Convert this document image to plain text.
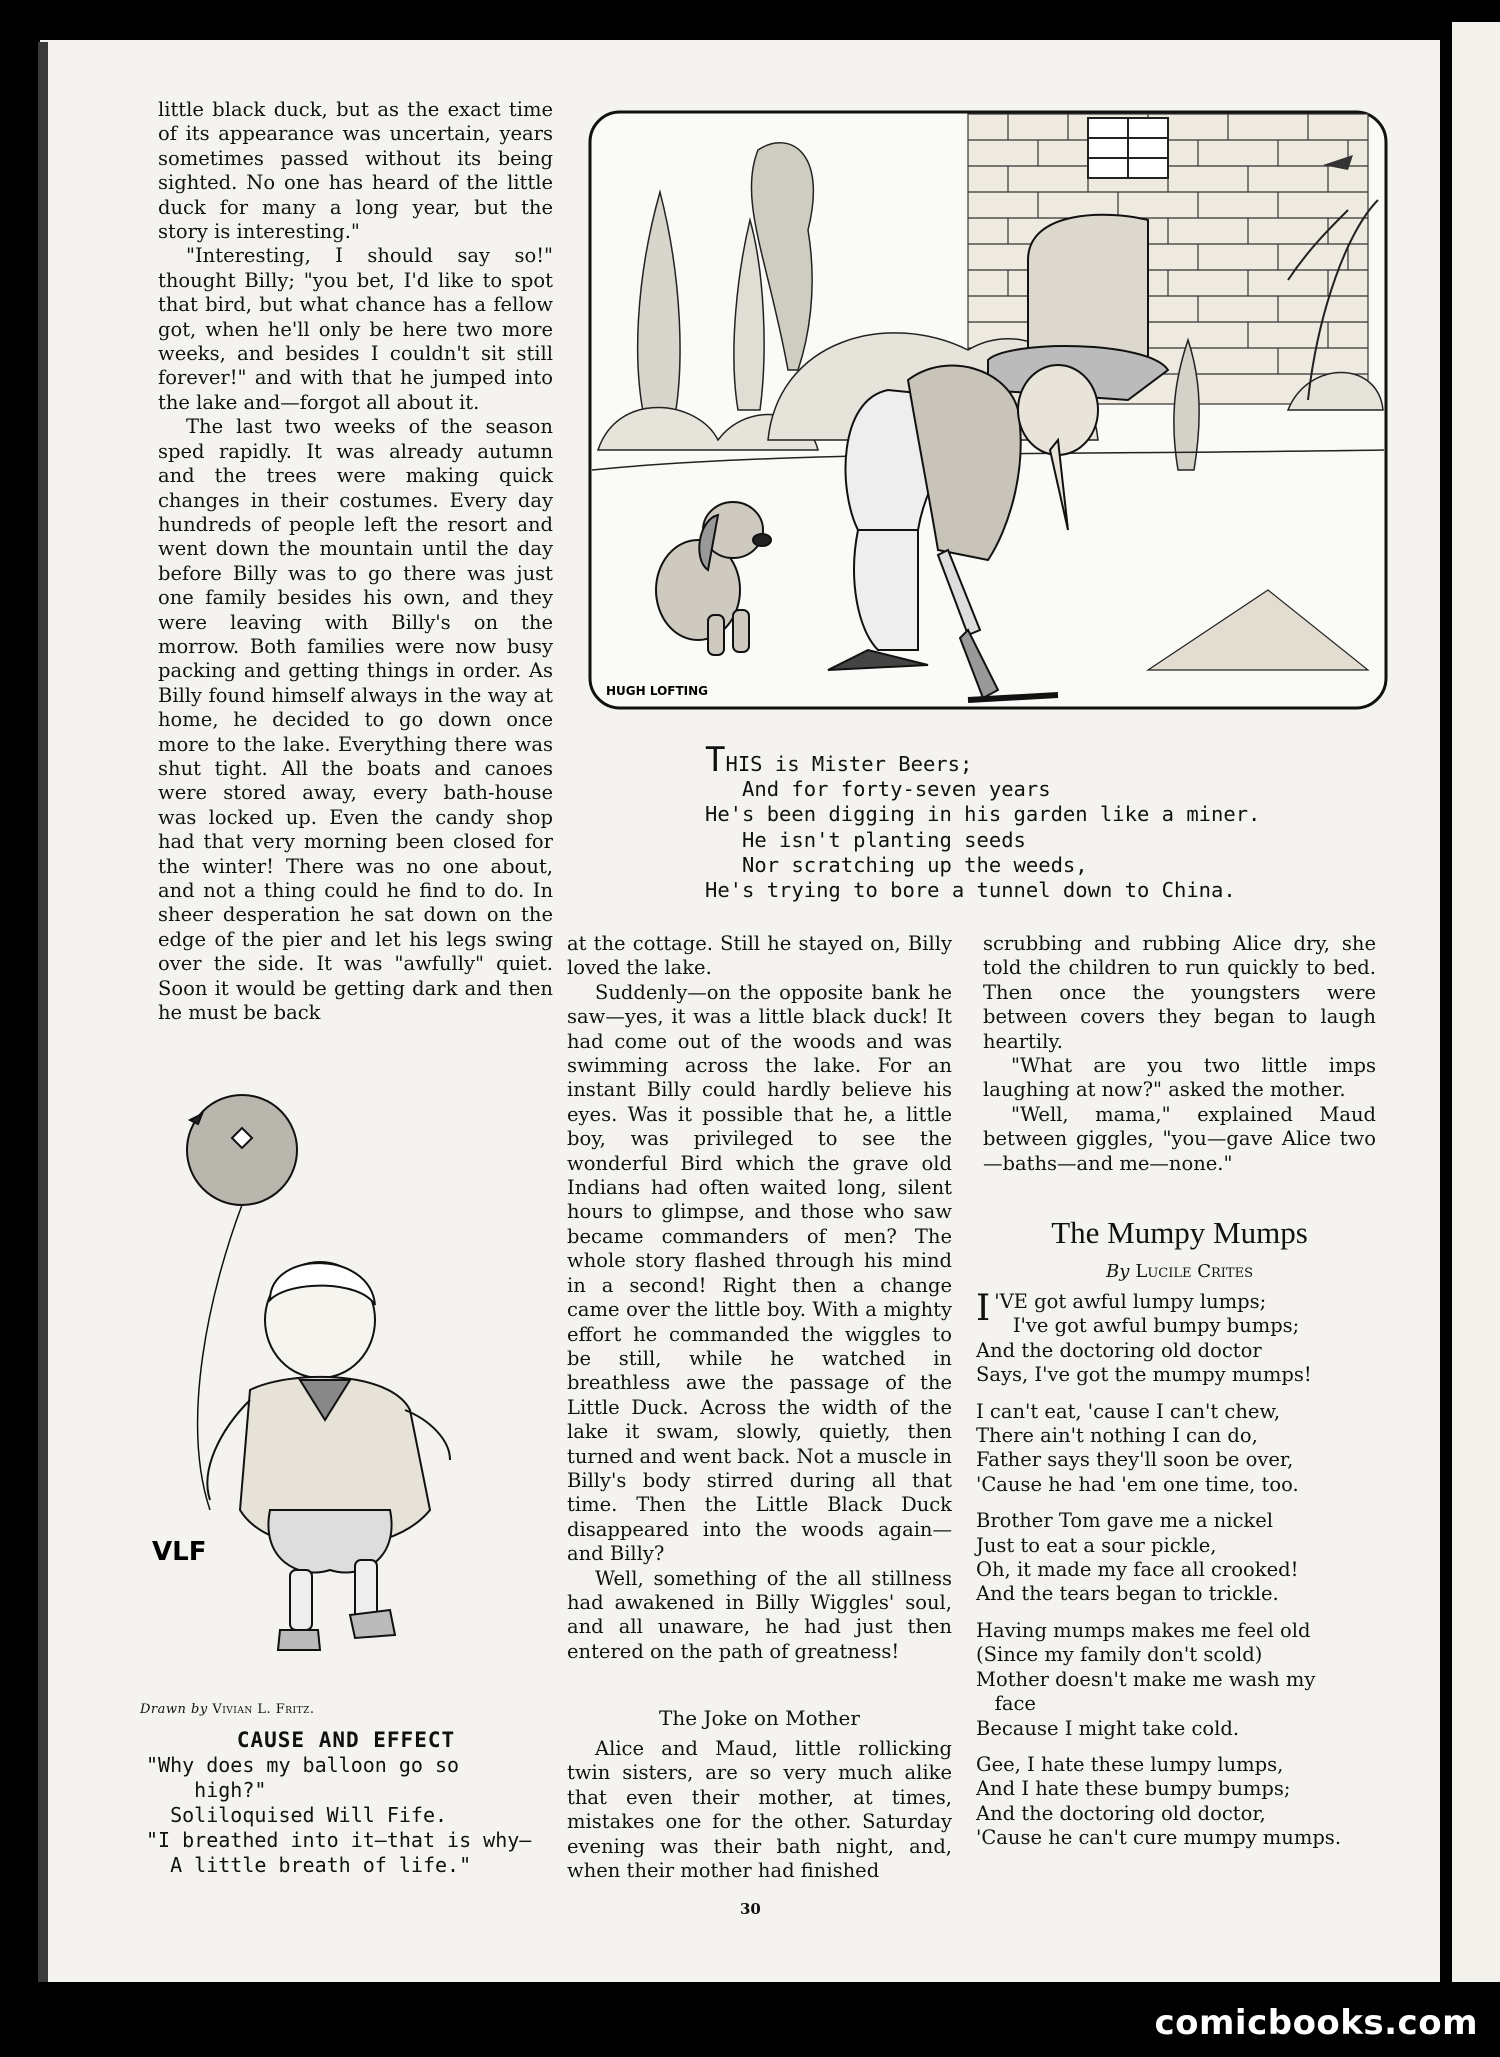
little black duck, but as the exact time of its appearance was uncertain, years sometimes passed without its being sighted. No one has heard of the little duck for many a long year, but the story is interesting."

"Interesting, I should say so!" thought Billy; "you bet, I'd like to spot that bird, but what chance has a fellow got, when he'll only be here two more weeks, and besides I couldn't sit still forever!" and with that he jumped into the lake and—forgot all about it.

The last two weeks of the season sped rapidly. It was already autumn and the trees were making quick changes in their costumes. Every day hundreds of people left the resort and went down the mountain until the day before Billy was to go there was just one family besides his own, and they were leaving with Billy's on the morrow. Both families were now busy packing and getting things in order. As Billy found himself always in the way at home, he decided to go down once more to the lake. Everything there was shut tight. All the boats and canoes were stored away, every bath-house was locked up. Even the candy shop had that very morning been closed for the winter! There was no one about, and not a thing could he find to do. In sheer desperation he sat down on the edge of the pier and let his legs swing over the side. It was "awfully" quiet. Soon it would be getting dark and then he must be back

HUGH LOFTING
THIS is Mister Beers;
And for forty-seven years
He's been digging in his garden like a miner.
He isn't planting seeds
Nor scratching up the weeds,
He's trying to bore a tunnel down to China.

at the cottage. Still he stayed on, Billy loved the lake.

Suddenly—on the opposite bank he saw—yes, it was a little black duck! It had come out of the woods and was swimming across the lake. For an instant Billy could hardly believe his eyes. Was it possible that he, a little boy, was privileged to see the wonderful Bird which the grave old Indians had often waited long, silent hours to glimpse, and those who saw became commanders of men? The whole story flashed through his mind in a second! Right then a change came over the little boy. With a mighty effort he commanded the wiggles to be still, while he watched in breathless awe the passage of the Little Duck. Across the width of the lake it swam, slowly, quietly, then turned and went back. Not a muscle in Billy's body stirred during all that time. Then the Little Black Duck disappeared into the woods again—and Billy?

Well, something of the all stillness had awakened in Billy Wiggles' soul, and all unaware, he had just then entered on the path of greatness!

scrubbing and rubbing Alice dry, she told the children to run quickly to bed. Then once the youngsters were between covers they began to laugh heartily.

"What are you two little imps laughing at now?" asked the mother.

"Well, mama," explained Maud between giggles, "you—gave Alice two —baths—and me—none."

VLF
Drawn by Vivian L. Fritz.
CAUSE AND EFFECT
"Why does my balloon go so
high?"
Soliloquised Will Fife.
"I breathed into it—that is why—
A little breath of life."
The Joke on Mother

Alice and Maud, little rollicking twin sisters, are so very much alike that even their mother, at times, mistakes one for the other. Saturday evening was their bath night, and, when their mother had finished

The Mumpy Mumps
By Lucile Crites
I 'VE got awful lumpy lumps;
I've got awful bumpy bumps;
And the doctoring old doctor
Says, I've got the mumpy mumps!
I can't eat, 'cause I can't chew,
There ain't nothing I can do,
Father says they'll soon be over,
'Cause he had 'em one time, too.
Brother Tom gave me a nickel
Just to eat a sour pickle,
Oh, it made my face all crooked!
And the tears began to trickle.
Having mumps makes me feel old
(Since my family don't scold)
Mother doesn't make me wash my
face
Because I might take cold.
Gee, I hate these lumpy lumps,
And I hate these bumpy bumps;
And the doctoring old doctor,
'Cause he can't cure mumpy mumps.
30
comicbooks.com
